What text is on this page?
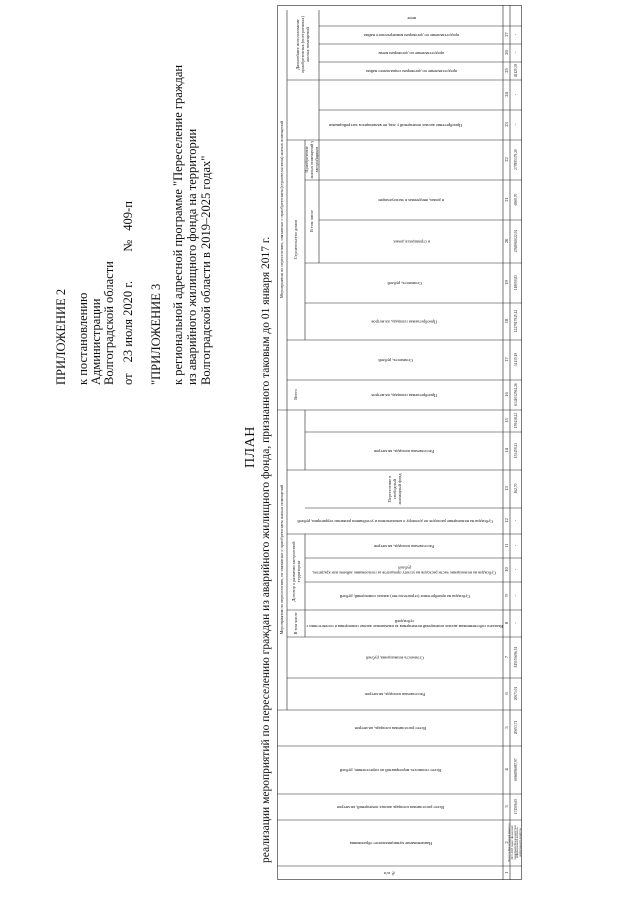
ПРИЛОЖЕНИЕ 2 к постановлению Администрации Волгоградской области от 23 июля 2020 г. № 409-п
"ПРИЛОЖЕНИЕ 3 к региональной адресной программе "Переселение граждан из аварийного жилищного фонда на территории Волгоградской области в 2019–2025 годах"
ПЛАН реализации мероприятий по переселению граждан из аварийного жилищного фонда, признанного таковым до 01 января 2017 г.
№ п/п
Наименование муниципального образования
Всего расселяемая площадь жилых помещений, кв.метров
Всего стоимость мероприятий по переселению, рублей
Всего расселяемая площадь, кв.метров
Мероприятия по переселению, не связанные с приобретением жилых помещений
Расселяемая площадь, кв.метров
Стоимость возмещения, рублей
В том числе	Выплата собственникам жилых помещений возмещения за изымаемые жилые помещения в соответствии с субсидией
Субсидия на приобретение (строительство) жилых помещений, рублей
Субсидия на возмещение части расходов на уплату процентов за пользование займом или кредитом, рублей
Расселяемая площадь, кв.метров
Договор о развитии застроенной территории
Субсидия на возмещение расходов по договору о комплексном и устойчивом развитии территории, рублей
Переселение в свободный жилищный фонд
Расселяемая площадь, кв.метров
Мероприятия по переселению, связанные с приобретением (строительством) жилых помещений
Всего	Приобретаемая площадь, кв.метров
Стоимость, рублей
Строительство домов
Приобретаемая площадь, кв.метров
Стоимость, рублей
В том числе
в строящихся домах
в домах, введенных в эксплуатацию
Приобретение жилых помещений у застройщиков
Приобретение жилых помещений у лиц, не являющихся застройщиками
Дальнейшее использование приобретенных (построенных) жилых помещений
предоставление по договорам социального найма
предоставление по договорам мены
предоставление по договорам коммерческого найма
иное
1
2
3
4
5
6
7
8
9
10
11
12
13
14
15
16
17
18
19
20
21
22
23
24
25
26
27
Всего по Волгоградской области в 2019–2025 годах с финансовой поддержкой Фонда содействия реформированию жилищно-коммунального хозяйства
174506,65
6066996087,97
20653,71
20673,01
815153696,51
-
-
-
-
-
162,70
153459,23
159438,22
6341032561,26
34135,19
1227917945,12
118050,83
4768063022,04
6969,70
277895379,20
-
-
49125,39
-
-
